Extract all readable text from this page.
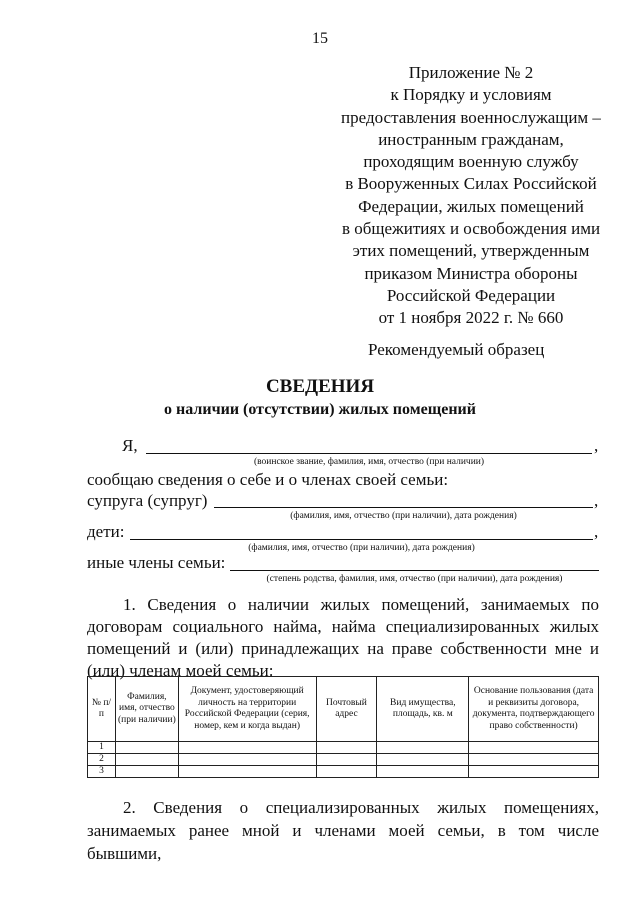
15
Приложение № 2
к Порядку и условиям
предоставления военнослужащим –
иностранным гражданам,
проходящим военную службу
в Вооруженных Силах Российской
Федерации, жилых помещений
в общежитиях и освобождения ими
этих помещений, утвержденным
приказом Министра обороны
Российской Федерации
от 1 ноября 2022 г. № 660
Рекомендуемый образец
СВЕДЕНИЯ
о наличии (отсутствии) жилых помещений
Я,	,
(воинское звание, фамилия, имя, отчество (при наличии)
сообщаю сведения о себе и о членах своей семьи:
супруга (супруг)	,
(фамилия, имя, отчество (при наличии), дата рождения)
дети:	,
(фамилия, имя, отчество (при наличии), дата рождения)
иные члены семьи:
(степень родства, фамилия, имя, отчество (при наличии), дата рождения)
1. Сведения о наличии жилых помещений, занимаемых по договорам социального найма, найма специализированных жилых помещений и (или) принадлежащих на праве собственности мне и (или) членам моей семьи:
№ п/п	Фамилия, имя, отчество (при наличии)	Документ, удостоверяющий личность на территории Российской Федерации (серия, номер, кем и когда выдан)	Почтовый адрес	Вид имущества, площадь, кв. м	Основание пользования (дата и реквизиты договора, документа, подтверждающего право собственности)
1					
2					
3					
2. Сведения о специализированных жилых помещениях, занимаемых ранее мной и членами моей семьи, в том числе бывшими,
